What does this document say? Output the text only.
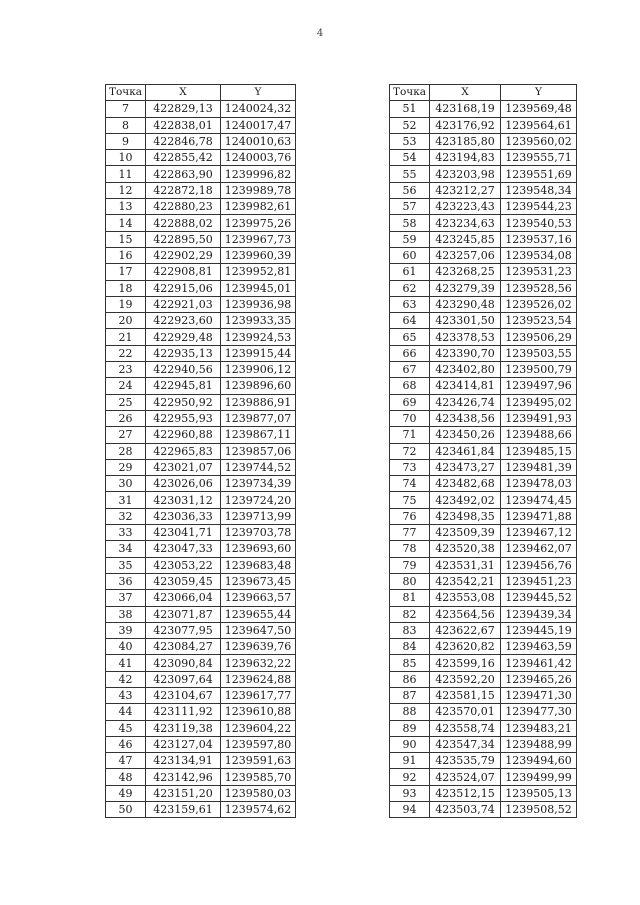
4
Точка	X	Y
7	422829,13	1240024,32
8	422838,01	1240017,47
9	422846,78	1240010,63
10	422855,42	1240003,76
11	422863,90	1239996,82
12	422872,18	1239989,78
13	422880,23	1239982,61
14	422888,02	1239975,26
15	422895,50	1239967,73
16	422902,29	1239960,39
17	422908,81	1239952,81
18	422915,06	1239945,01
19	422921,03	1239936,98
20	422923,60	1239933,35
21	422929,48	1239924,53
22	422935,13	1239915,44
23	422940,56	1239906,12
24	422945,81	1239896,60
25	422950,92	1239886,91
26	422955,93	1239877,07
27	422960,88	1239867,11
28	422965,83	1239857,06
29	423021,07	1239744,52
30	423026,06	1239734,39
31	423031,12	1239724,20
32	423036,33	1239713,99
33	423041,71	1239703,78
34	423047,33	1239693,60
35	423053,22	1239683,48
36	423059,45	1239673,45
37	423066,04	1239663,57
38	423071,87	1239655,44
39	423077,95	1239647,50
40	423084,27	1239639,76
41	423090,84	1239632,22
42	423097,64	1239624,88
43	423104,67	1239617,77
44	423111,92	1239610,88
45	423119,38	1239604,22
46	423127,04	1239597,80
47	423134,91	1239591,63
48	423142,96	1239585,70
49	423151,20	1239580,03
50	423159,61	1239574,62
Точка	X	Y
51	423168,19	1239569,48
52	423176,92	1239564,61
53	423185,80	1239560,02
54	423194,83	1239555,71
55	423203,98	1239551,69
56	423212,27	1239548,34
57	423223,43	1239544,23
58	423234,63	1239540,53
59	423245,85	1239537,16
60	423257,06	1239534,08
61	423268,25	1239531,23
62	423279,39	1239528,56
63	423290,48	1239526,02
64	423301,50	1239523,54
65	423378,53	1239506,29
66	423390,70	1239503,55
67	423402,80	1239500,79
68	423414,81	1239497,96
69	423426,74	1239495,02
70	423438,56	1239491,93
71	423450,26	1239488,66
72	423461,84	1239485,15
73	423473,27	1239481,39
74	423482,68	1239478,03
75	423492,02	1239474,45
76	423498,35	1239471,88
77	423509,39	1239467,12
78	423520,38	1239462,07
79	423531,31	1239456,76
80	423542,21	1239451,23
81	423553,08	1239445,52
82	423564,56	1239439,34
83	423622,67	1239445,19
84	423620,82	1239463,59
85	423599,16	1239461,42
86	423592,20	1239465,26
87	423581,15	1239471,30
88	423570,01	1239477,30
89	423558,74	1239483,21
90	423547,34	1239488,99
91	423535,79	1239494,60
92	423524,07	1239499,99
93	423512,15	1239505,13
94	423503,74	1239508,52
